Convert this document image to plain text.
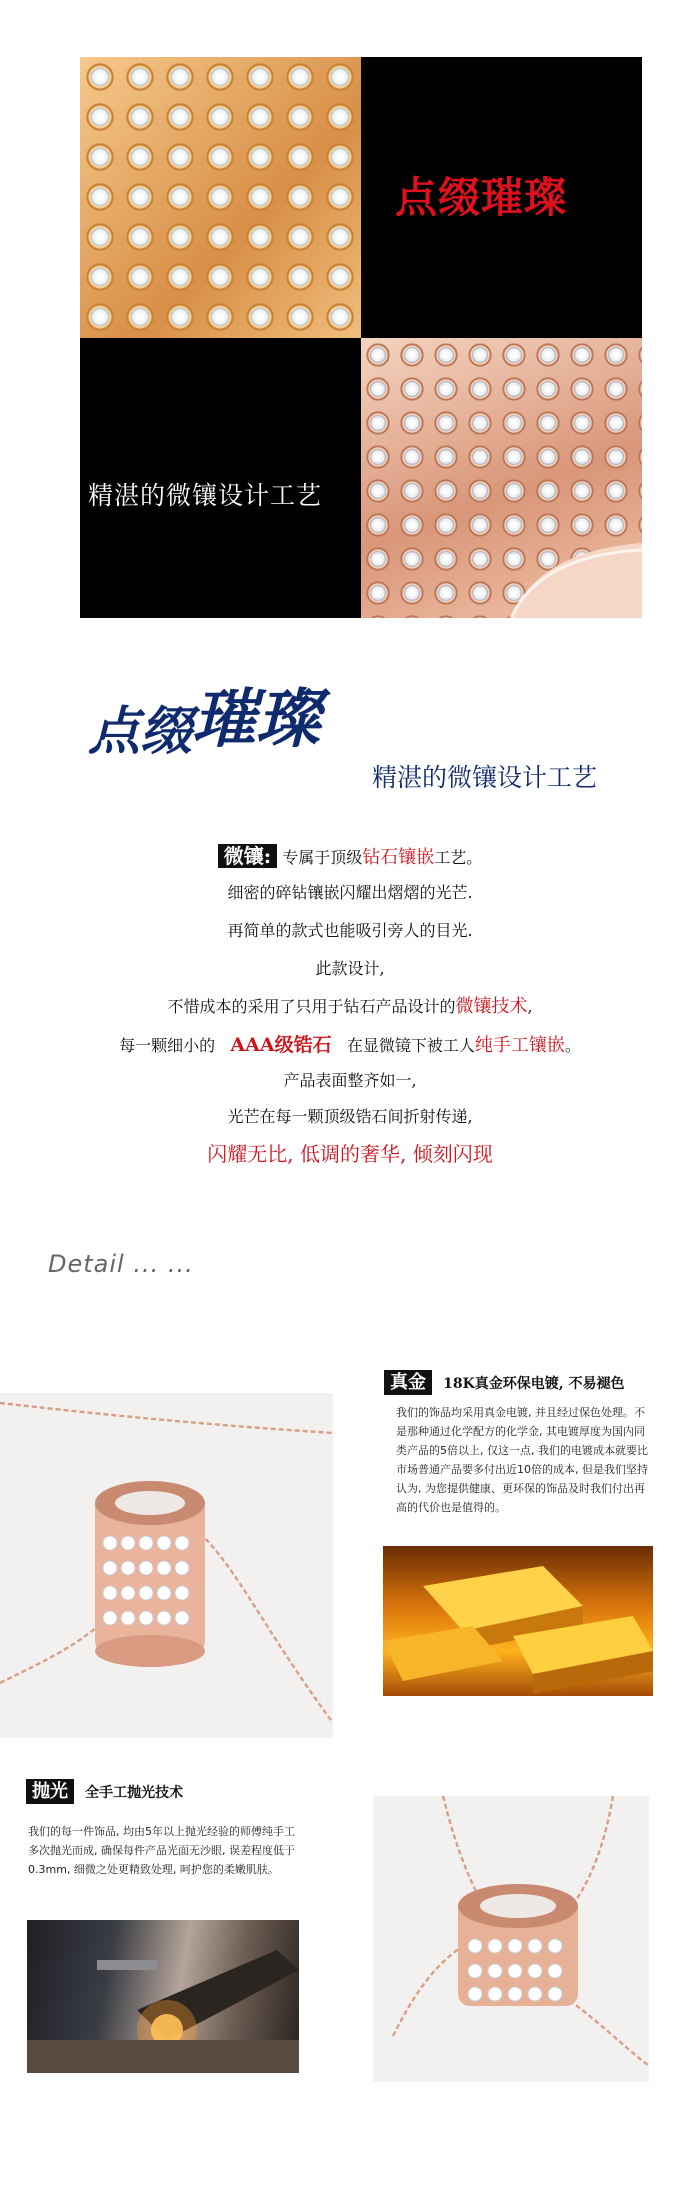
点缀璀璨
精湛的微镶设计工艺
点缀璀璨
精湛的微镶设计工艺
微镶: 专属于顶级钻石镶嵌工艺。
细密的碎钻镶嵌闪耀出熠熠的光芒.
再简单的款式也能吸引旁人的目光.
此款设计,
不惜成本的采用了只用于钻石产品设计的微镶技术,
每一颗细小的 AAA级锆石 在显微镜下被工人纯手工镶嵌。
产品表面整齐如一,
光芒在每一颗顶级锆石间折射传递,
闪耀无比, 低调的奢华, 倾刻闪现
Detail ... ...
真金 18K真金环保电镀, 不易褪色
我们的饰品均采用真金电镀, 并且经过保色处理。不是那种通过化学配方的化学金, 其电镀厚度为国内同类产品的5倍以上, 仅这一点, 我们的电镀成本就要比市场普通产品要多付出近10倍的成本, 但是我们坚持认为, 为您提供健康、更环保的饰品及时我们付出再高的代价也是值得的。
抛光 全手工抛光技术
我们的每一件饰品, 均由5年以上抛光经验的师傅纯手工多次抛光而成, 确保每件产品光面无沙眼, 误差程度低于0.3mm, 细微之处更精致处理, 呵护您的柔嫩肌肤。
